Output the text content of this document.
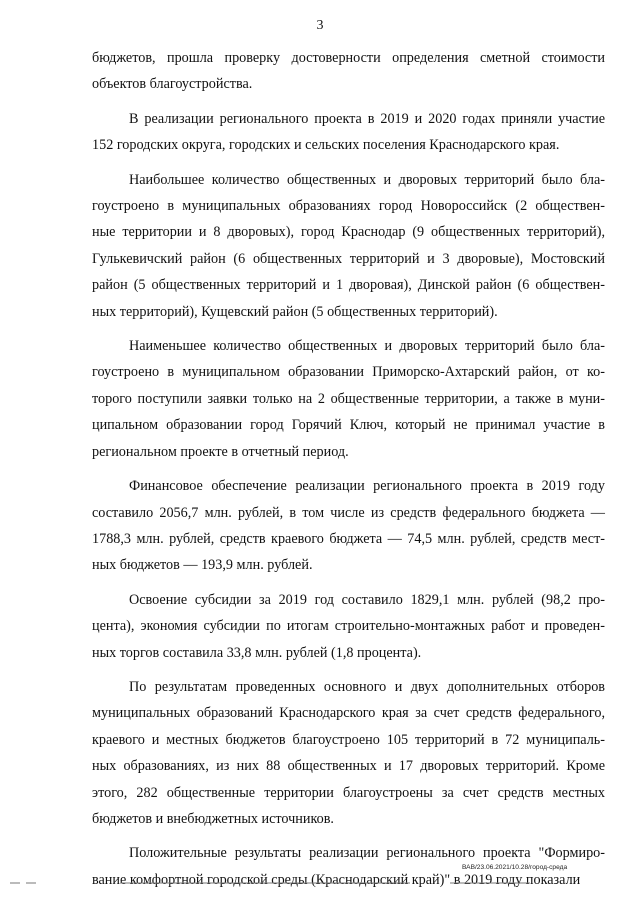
3
бюджетов, прошла проверку достоверности определения сметной стоимости
объектов благоустройства.
В реализации регионального проекта в 2019 и 2020 годах приняли участие
152 городских округа, городских и сельских поселения Краснодарского края.
Наибольшее количество общественных и дворовых территорий было бла-
гоустроено в муниципальных образованиях город Новороссийск (2 обществен-
ные территории и 8 дворовых), город Краснодар (9 общественных территорий),
Гулькевичский район (6 общественных территорий и 3 дворовые), Мостовский
район (5 общественных территорий и 1 дворовая), Динской район (6 обществен-
ных территорий), Кущевский район (5 общественных территорий).
Наименьшее количество общественных и дворовых территорий было бла-
гоустроено в муниципальном образовании Приморско-Ахтарский район, от ко-
торого поступили заявки только на 2 общественные территории, а также в муни-
ципальном образовании город Горячий Ключ, который не принимал участие в
региональном проекте в отчетный период.
Финансовое обеспечение реализации регионального проекта в 2019 году
составило 2056,7 млн. рублей, в том числе из средств федерального бюджета —
1788,3 млн. рублей, средств краевого бюджета — 74,5 млн. рублей, средств мест-
ных бюджетов — 193,9 млн. рублей.
Освоение субсидии за 2019 год составило 1829,1 млн. рублей (98,2 про-
цента), экономия субсидии по итогам строительно-монтажных работ и проведен-
ных торгов составила 33,8 млн. рублей (1,8 процента).
По результатам проведенных основного и двух дополнительных отборов
муниципальных образований Краснодарского края за счет средств федерального,
краевого и местных бюджетов благоустроено 105 территорий в 72 муниципаль-
ных образованиях, из них 88 общественных и 17 дворовых территорий. Кроме
этого, 282 общественные территории благоустроены за счет средств местных
бюджетов и внебюджетных источников.
Положительные результаты реализации регионального проекта "Формиро-
вание комфортной городской среды (Краснодарский край)" в 2019 году показали
ВАВ/23.06.2021/10.28/город-среда
